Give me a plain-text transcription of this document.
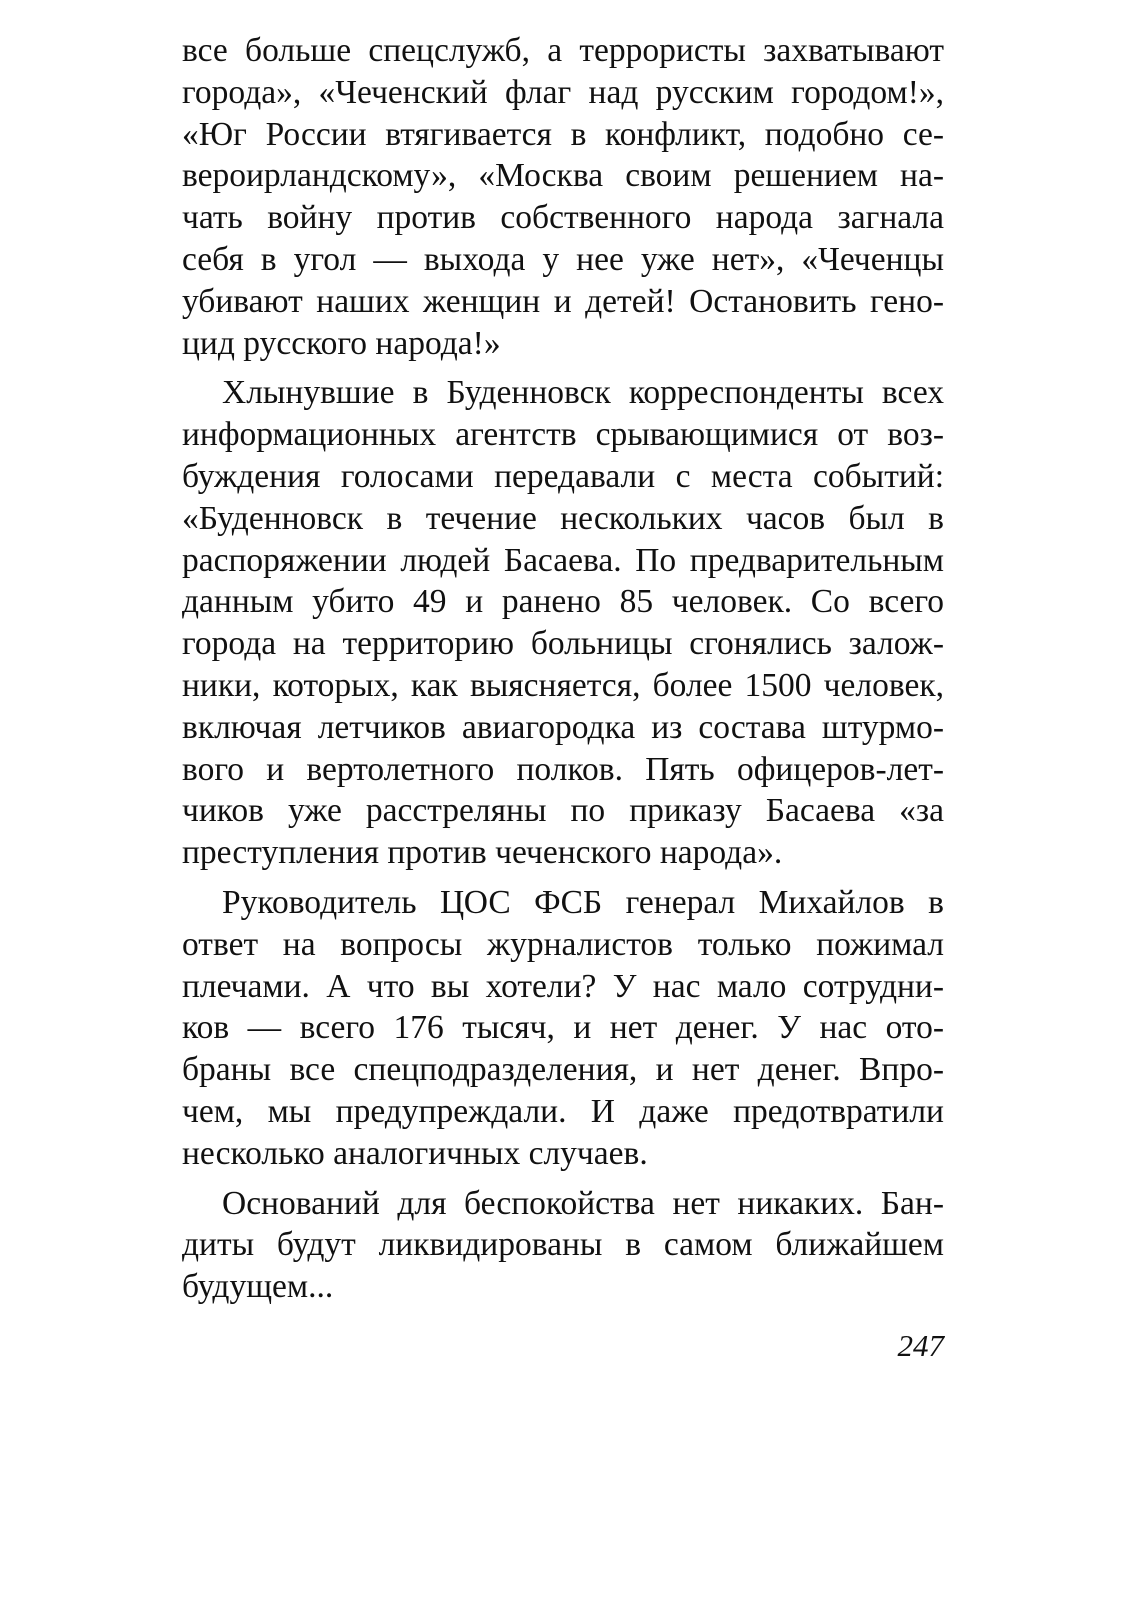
все больше спецслужб, а террористы захватывают
города», «Чеченский флаг над русским городом!»,
«Юг России втягивается в конфликт, подобно се-
вероирландскому», «Москва своим решением на-
чать войну против собственного народа загнала
себя в угол — выхода у нее уже нет», «Чеченцы
убивают наших женщин и детей! Остановить гено-
цид русского народа!»

Хлынувшие в Буденновск корреспонденты всех
информационных агентств срывающимися от воз-
буждения голосами передавали с места событий:
«Буденновск в течение нескольких часов был в
распоряжении людей Басаева. По предварительным
данным убито 49 и ранено 85 человек. Со всего
города на территорию больницы сгонялись залож-
ники, которых, как выясняется, более 1500 человек,
включая летчиков авиагородка из состава штурмо-
вого и вертолетного полков. Пять офицеров-лет-
чиков уже расстреляны по приказу Басаева «за
преступления против чеченского народа».

Руководитель ЦОС ФСБ генерал Михайлов в
ответ на вопросы журналистов только пожимал
плечами. А что вы хотели? У нас мало сотрудни-
ков — всего 176 тысяч, и нет денег. У нас ото-
браны все спецподразделения, и нет денег. Впро-
чем, мы предупреждали. И даже предотвратили
несколько аналогичных случаев.

Оснований для беспокойства нет никаких. Бан-
диты будут ликвидированы в самом ближайшем
будущем...

247
